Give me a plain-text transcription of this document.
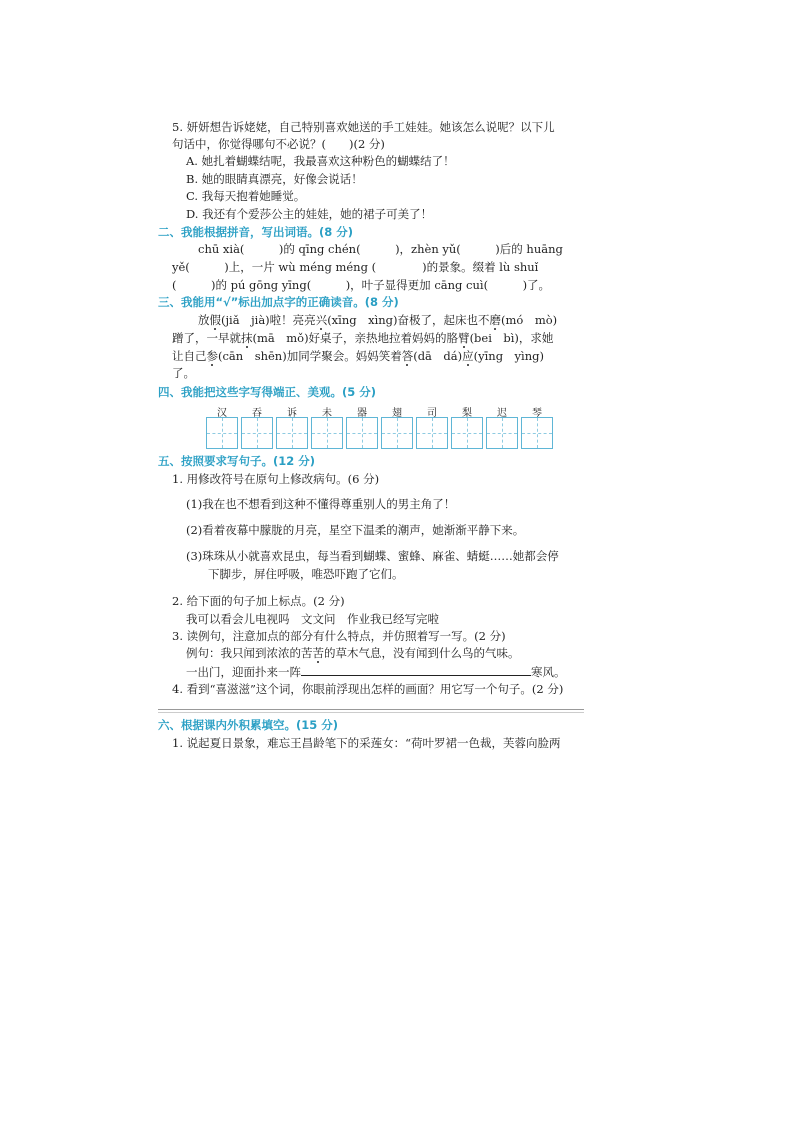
5. 妍妍想告诉姥姥，自己特别喜欢她送的手工娃娃。她该怎么说呢？以下儿
句话中，你觉得哪句不必说？(　　)(2 分)
A. 她扎着蝴蝶结呢，我最喜欢这种粉色的蝴蝶结了！
B. 她的眼睛真漂亮，好像会说话！
C. 我每天抱着她睡觉。
D. 我还有个爱莎公主的娃娃，她的裙子可美了！
二、我能根据拼音，写出词语。(8 分)
chū xià(　　　)的 qīng chén(　　　)，zhèn yǔ(　　　)后的 huāng
yě(　　　)上，一片 wù méng méng (　　　　)的景象。缀着 lù shuǐ
(　　　)的 pú gōng yīng(　　　)，叶子显得更加 cāng cuì(　　　)了。
三、我能用“√”标出加点字的正确读音。(8 分)
放假(jiǎ　jià)啦！亮亮兴(xīng　xìng)奋极了，起床也不磨(mó　mò)
蹭了，一早就抹(mā　mǒ)好桌子，亲热地拉着妈妈的胳臂(bei　bì)，求她
让自己参(cān　shēn)加同学聚会。妈妈笑着答(dā　dá)应(yīng　yìng)
了。
四、我能把这些字写得端正、美观。(5 分)
汉	吞	诉	未	器	翅	司	梨	迟	琴
五、按照要求写句子。(12 分)
1. 用修改符号在原句上修改病句。(6 分)
(1)我在也不想看到这种不懂得尊重别人的男主角了！
(2)看着夜幕中朦胧的月亮，星空下温柔的潮声，她渐渐平静下来。
(3)珠珠从小就喜欢昆虫，每当看到蝴蝶、蜜蜂、麻雀、蜻蜓……她都会停
下脚步，屏住呼吸，唯恐吓跑了它们。
2. 给下面的句子加上标点。(2 分)
我可以看会儿电视吗　文文问　作业我已经写完啦
3. 读例句，注意加点的部分有什么特点，并仿照着写一写。(2 分)
例句：我只闻到浓浓的苦苦的草木气息，没有闻到什么鸟的气味。
一出门，迎面扑来一阵	寒风。
4. 看到“喜滋滋”这个词，你眼前浮现出怎样的画面？用它写一个句子。(2 分)
六、根据课内外积累填空。(15 分)
1. 说起夏日景象，难忘王昌龄笔下的采莲女：“荷叶罗裙一色裁，芙蓉向脸两
